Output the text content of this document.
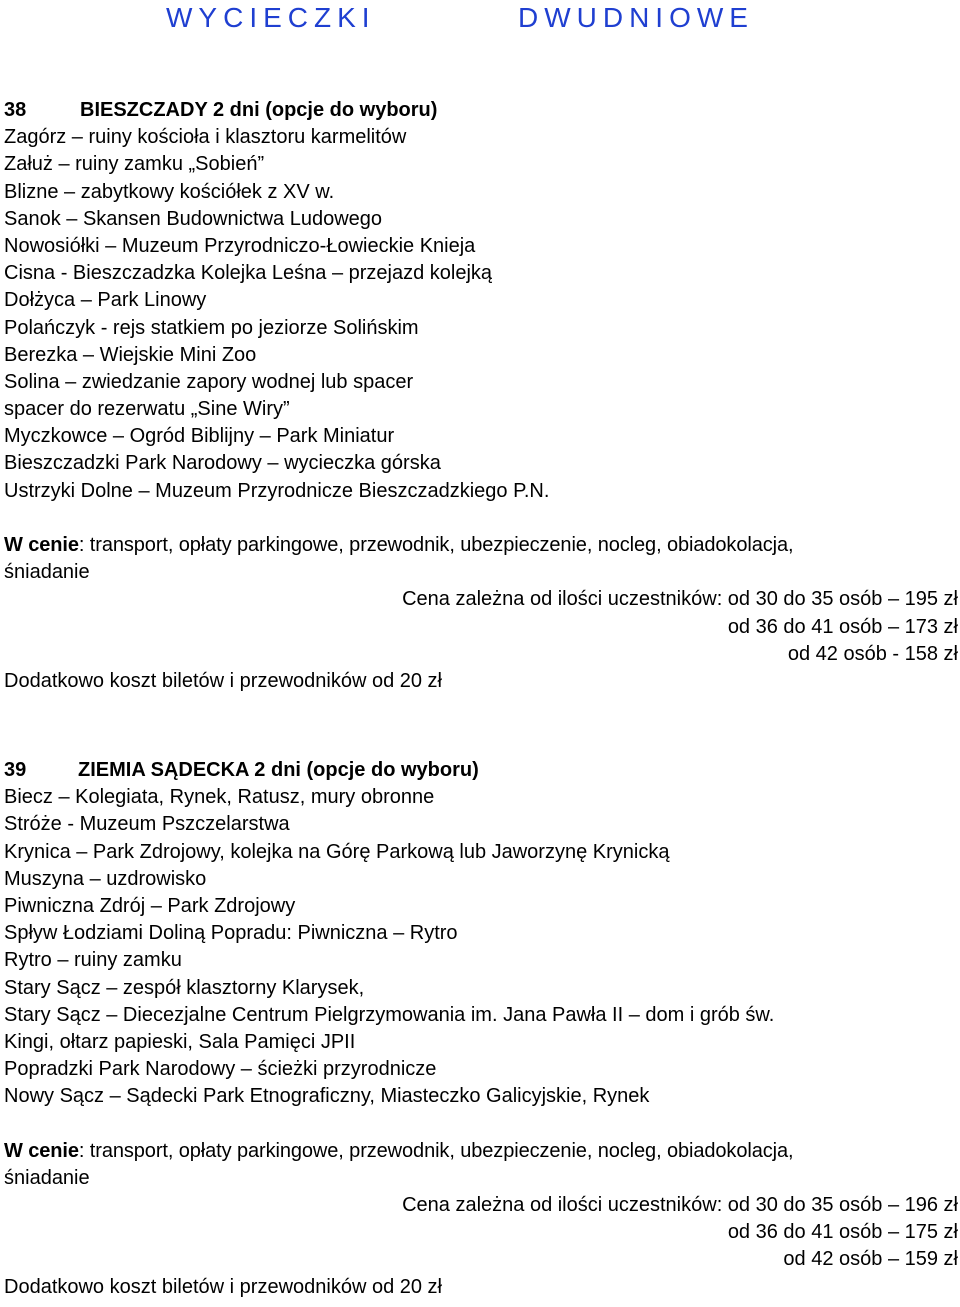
WYCIECZKI	DWUDNIOWE
38	BIESZCZADY 2 dni (opcje do wyboru)
Zagórz – ruiny kościoła i klasztoru karmelitów
Załuż – ruiny zamku „Sobień”
Blizne – zabytkowy kościółek z XV w.
Sanok – Skansen Budownictwa Ludowego
Nowosiółki – Muzeum Przyrodniczo-Łowieckie Knieja
Cisna - Bieszczadzka Kolejka Leśna – przejazd kolejką
Dołżyca – Park Linowy
Polańczyk - rejs statkiem po jeziorze Solińskim
Berezka – Wiejskie Mini Zoo
Solina – zwiedzanie zapory wodnej lub spacer
spacer do rezerwatu „Sine Wiry”
Myczkowce – Ogród Biblijny – Park Miniatur
Bieszczadzki Park Narodowy – wycieczka górska
Ustrzyki Dolne – Muzeum Przyrodnicze Bieszczadzkiego P.N.
W cenie: transport, opłaty parkingowe, przewodnik, ubezpieczenie, nocleg, obiadokolacja,
śniadanie
Cena zależna od ilości uczestników: od 30 do 35 osób – 195 zł
od 36 do 41 osób – 173 zł
od 42 osób - 158 zł
Dodatkowo koszt biletów i przewodników od 20 zł
39	ZIEMIA SĄDECKA 2 dni (opcje do wyboru)
Biecz – Kolegiata, Rynek, Ratusz, mury obronne
Stróże - Muzeum Pszczelarstwa
Krynica – Park Zdrojowy, kolejka na Górę Parkową lub Jaworzynę Krynicką
Muszyna – uzdrowisko
Piwniczna Zdrój – Park Zdrojowy
Spływ Łodziami Doliną Popradu: Piwniczna – Rytro
Rytro – ruiny zamku
Stary Sącz – zespół klasztorny Klarysek,
Stary Sącz – Diecezjalne Centrum Pielgrzymowania im. Jana Pawła II – dom i grób św.
Kingi, ołtarz papieski, Sala Pamięci JPII
Popradzki Park Narodowy – ścieżki przyrodnicze
Nowy Sącz – Sądecki Park Etnograficzny, Miasteczko Galicyjskie, Rynek
W cenie: transport, opłaty parkingowe, przewodnik, ubezpieczenie, nocleg, obiadokolacja,
śniadanie
Cena zależna od ilości uczestników: od 30 do 35 osób – 196 zł
od 36 do 41 osób – 175 zł
od 42 osób – 159 zł
Dodatkowo koszt biletów i przewodników od 20 zł
